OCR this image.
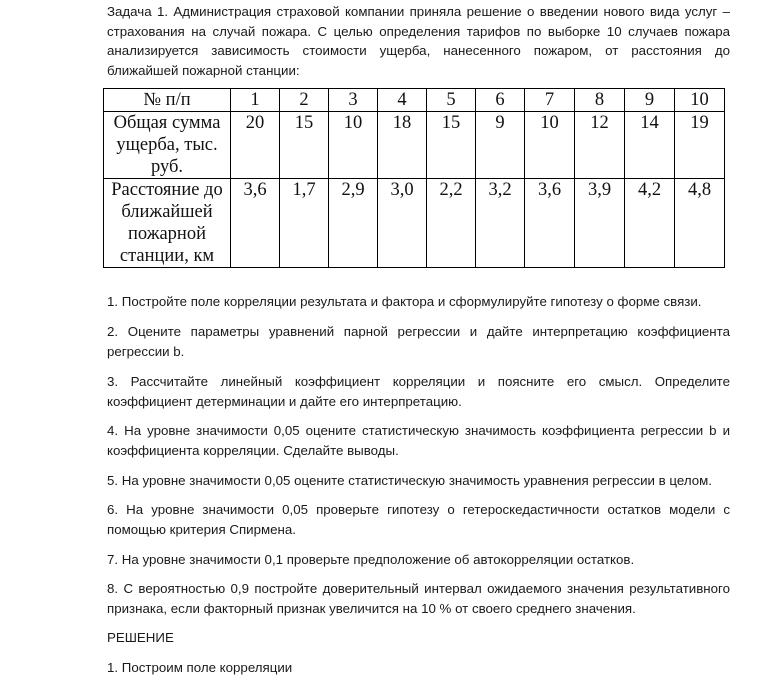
Задача 1. Администрация страховой компании приняла решение о введении нового вида услуг – страхования на случай пожара. С целью определения тарифов по выборке 10 случаев пожара анализируется зависимость стоимости ущерба, нанесенного пожаром, от расстояния до ближайшей пожарной станции:

№ п/п	1	2	3	4	5	6	7	8	9	10
Общая сумма ущерба, тыс. руб.	20	15	10	18	15	9	10	12	14	19
Расстояние до ближайшей пожарной станции, км	3,6	1,7	2,9	3,0	2,2	3,2	3,6	3,9	4,2	4,8

1. Постройте поле корреляции результата и фактора и сформулируйте гипотезу о форме связи.

2. Оцените параметры уравнений парной регрессии и дайте интерпретацию коэффициента регрессии b.

3. Рассчитайте линейный коэффициент корреляции и поясните его смысл. Определите коэффициент детерминации и дайте его интерпретацию.

4. На уровне значимости 0,05 оцените статистическую значимость коэффициента регрессии b и коэффициента корреляции. Сделайте выводы.

5. На уровне значимости 0,05 оцените статистическую значимость уравнения регрессии в целом.

6. На уровне значимости 0,05 проверьте гипотезу о гетероскедастичности остатков модели с помощью критерия Спирмена.

7. На уровне значимости 0,1 проверьте предположение об автокорреляции остатков.

8. С вероятностью 0,9 постройте доверительный интервал ожидаемого значения результативного признака, если факторный признак увеличится на 10 % от своего среднего значения.

РЕШЕНИЕ

1. Построим поле корреляции
